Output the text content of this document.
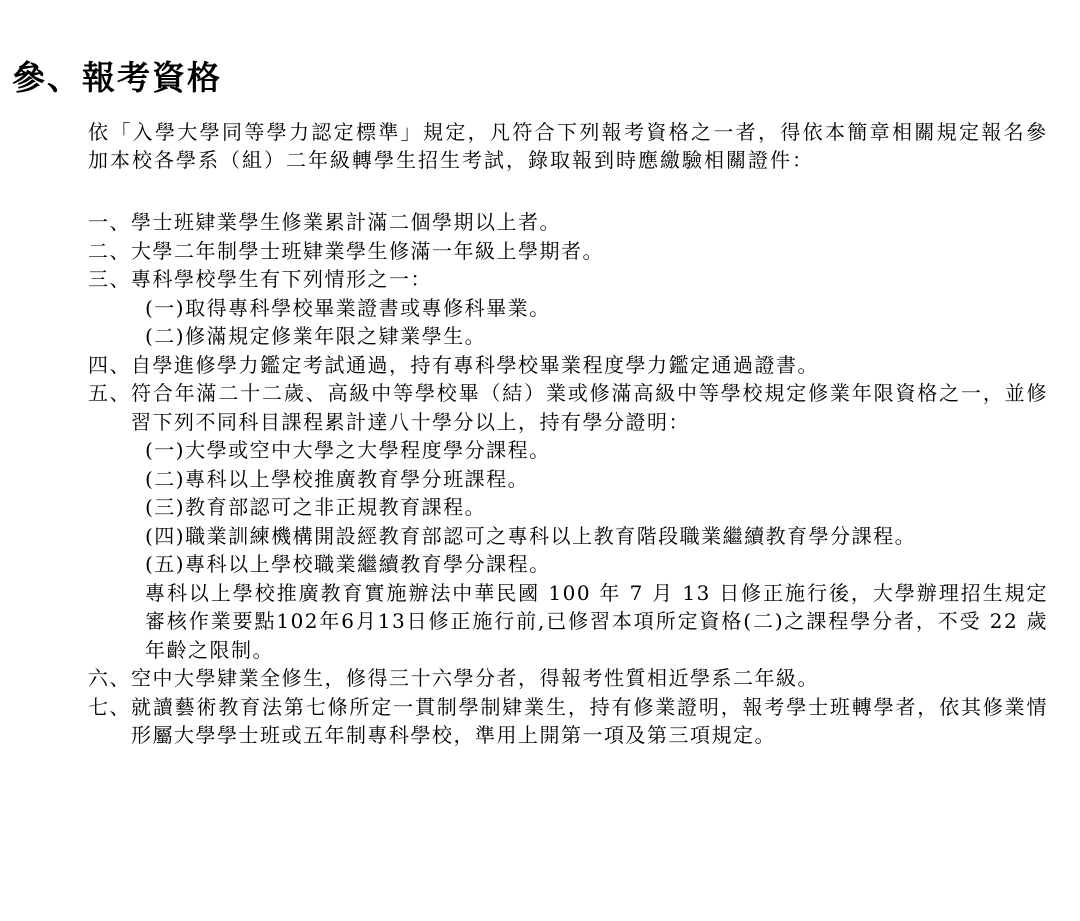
參、報考資格
依「入學大學同等學力認定標準」規定，凡符合下列報考資格之一者，得依本簡章相關規定報名參加本校各學系（組）二年級轉學生招生考試，錄取報到時應繳驗相關證件：
一、 學士班肄業學生修業累計滿二個學期以上者。
二、 大學二年制學士班肄業學生修滿一年級上學期者。
三、 專科學校學生有下列情形之一：
(一) 取得專科學校畢業證書或專修科畢業。
(二) 修滿規定修業年限之肄業學生。
四、 自學進修學力鑑定考試通過，持有專科學校畢業程度學力鑑定通過證書。
五、 符合年滿二十二歲、高級中等學校畢（結）業或修滿高級中等學校規定修業年限資格之一，並修習下列不同科目課程累計達八十學分以上，持有學分證明：
(一) 大學或空中大學之大學程度學分課程。
(二) 專科以上學校推廣教育學分班課程。
(三) 教育部認可之非正規教育課程。
(四) 職業訓練機構開設經教育部認可之專科以上教育階段職業繼續教育學分課程。
(五) 專科以上學校職業繼續教育學分課程。
專科以上學校推廣教育實施辦法中華民國 100 年 7 月 13 日修正施行後，大學辦理招生規定審核作業要點102年6月13日修正施行前,已修習本項所定資格(二)之課程學分者，不受 22 歲年齡之限制。
六、 空中大學肄業全修生，修得三十六學分者，得報考性質相近學系二年級。
七、 就讀藝術教育法第七條所定一貫制學制肄業生，持有修業證明，報考學士班轉學者，依其修業情形屬大學學士班或五年制專科學校，準用上開第一項及第三項規定。
